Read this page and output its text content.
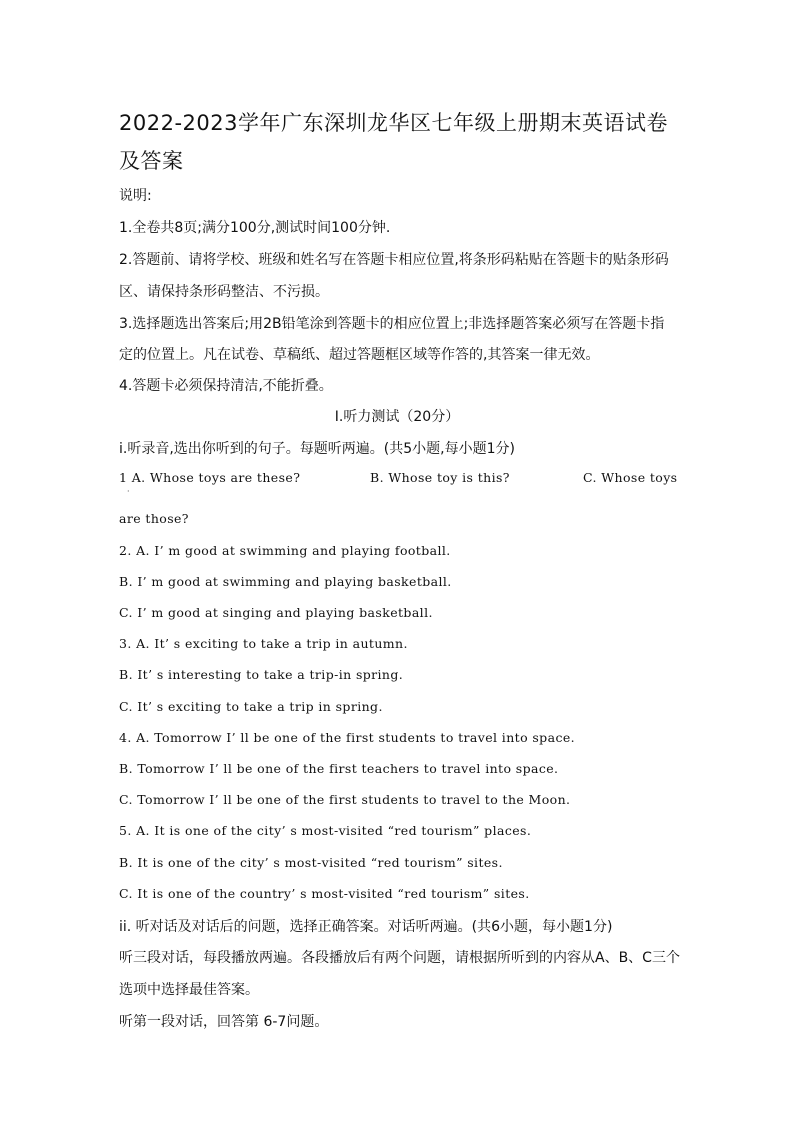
2022-2023学年广东深圳龙华区七年级上册期末英语试卷及答案
说明:
1.全卷共8页;满分100分,测试时间100分钟.
2.答题前、请将学校、班级和姓名写在答题卡相应位置,将条形码粘贴在答题卡的贴条形码
区、请保持条形码整洁、不污损。
3.选择题选出答案后;用2B铅笔涂到答题卡的相应位置上;非选择题答案必须写在答题卡指
定的位置上。凡在试卷、草稿纸、超过答题框区域等作答的,其答案一律无效。
4.答题卡必须保持清洁,不能折叠。
I.听力测试（20分）
i.听录音,选出你听到的句子。每题听两遍。(共5小题,每小题1分)
1 A. Whose toys are these?	B. Whose toy is this?	C. Whose toys
·
are those?
2. A. I’ m good at swimming and playing football.
B. I’ m good at swimming and playing basketball.
C. I’ m good at singing and playing basketball.
3. A. It’ s exciting to take a trip in autumn.
B. It’ s interesting to take a trip-in spring.
C. It’ s exciting to take a trip in spring.
4. A. Tomorrow I’ ll be one of the first students to travel into space.
B. Tomorrow I’ ll be one of the first teachers to travel into space.
C. Tomorrow I’ ll be one of the first students to travel to the Moon.
5. A. It is one of the city’ s most-visited “red tourism” places.
B. It is one of the city’ s most-visited “red tourism” sites.
C. It is one of the country’ s most-visited “red tourism” sites.
ii. 听对话及对话后的问题，选择正确答案。对话听两遍。(共6小题，每小题1分)
听三段对话，每段播放两遍。各段播放后有两个问题，请根据所听到的内容从A、B、C三个
选项中选择最佳答案。
听第一段对话，回答第 6-7问题。
